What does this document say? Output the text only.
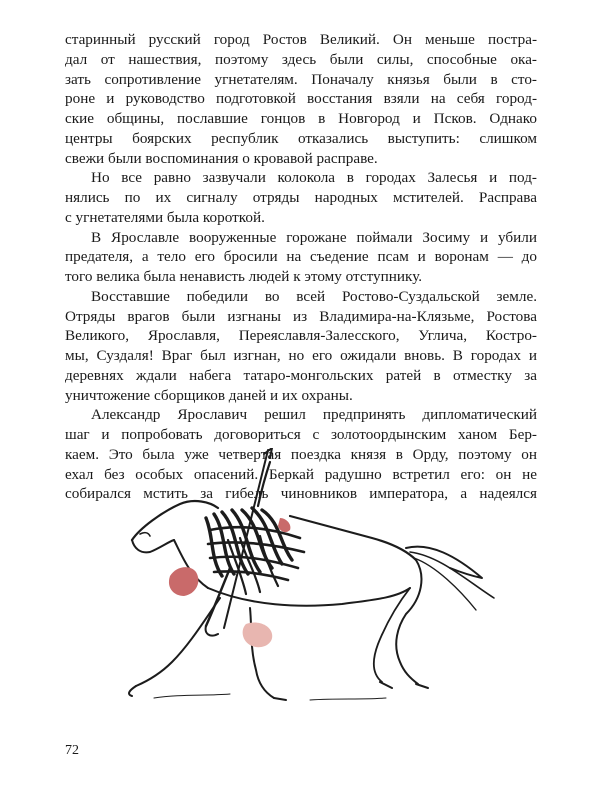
старинный русский город Ростов Великий. Он меньше постра-
дал от нашествия, поэтому здесь были силы, способные ока-
зать сопротивление угнетателям. Поначалу князья были в сто-
роне и руководство подготовкой восстания взяли на себя город-
ские общины, пославшие гонцов в Новгород и Псков. Однако
центры боярских республик отказались выступить: слишком
свежи были воспоминания о кровавой расправе.
Но все равно зазвучали колокола в городах Залесья и под-
нялись по их сигналу отряды народных мстителей. Расправа
с угнетателями была короткой.
В Ярославле вооруженные горожане поймали Зосиму и убили
предателя, а тело его бросили на съедение псам и воронам — до
того велика была ненависть людей к этому отступнику.
Восставшие победили во всей Ростово-Суздальской земле.
Отряды врагов были изгнаны из Владимира-на-Клязьме, Ростова
Великого, Ярославля, Переяславля-Залесского, Углича, Костро-
мы, Суздаля! Враг был изгнан, но его ожидали вновь. В городах и
деревнях ждали набега татаро-монгольских ратей в отместку за
уничтожение сборщиков даней и их охраны.
Александр Ярославич решил предпринять дипломатический
шаг и попробовать договориться с золотоордынским ханом Бер-
каем. Это была уже четвертая поездка князя в Орду, поэтому он
ехал без особых опасений. Беркай радушно встретил его: он не
собирался мстить за гибель чиновников императора, а надеялся
72
